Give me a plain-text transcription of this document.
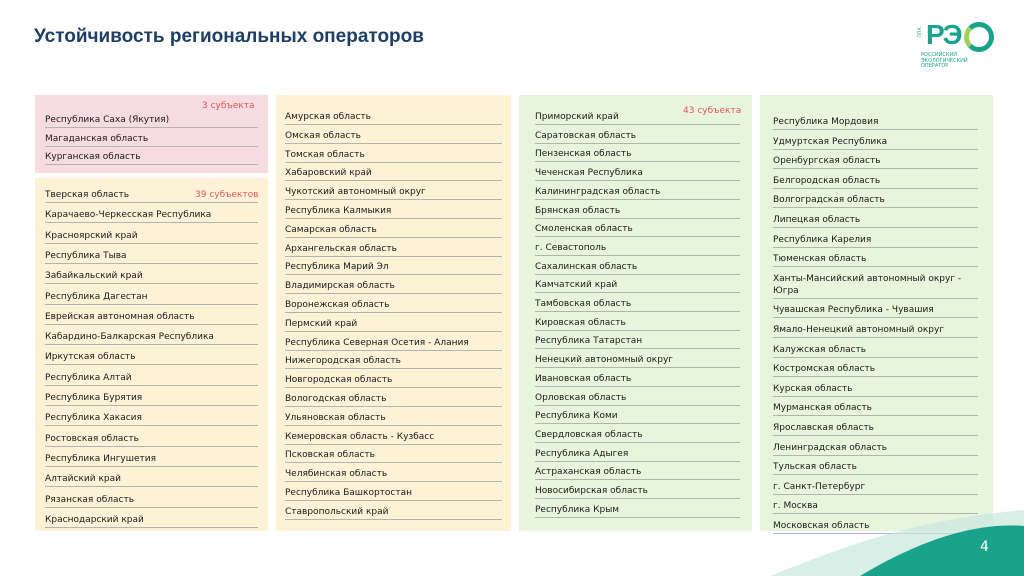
Устойчивость региональных операторов	ППК РЭ
РОССИЙСКИЙ
ЭКОЛОГИЧЕСКИЙ
ОПЕРАТОР
3 субъекта
39 субъектов
43 субъекта
Республика Саха (Якутия)
Магаданская область
Курганская область
Тверская область
Карачаево-Черкесская Республика
Красноярский край
Республика Тыва
Забайкальский край
Республика Дагестан
Еврейская автономная область
Кабардино-Балкарская Республика
Иркутская область
Республика Алтай
Республика Бурятия
Республика Хакасия
Ростовская область
Республика Ингушетия
Алтайский край
Рязанская область
Краснодарский край
Амурская область
Омская область
Томская область
Хабаровский край
Чукотский автономный округ
Республика Калмыкия
Самарская область
Архангельская область
Республика Марий Эл
Владимирская область
Воронежская область
Пермский край
Республика Северная Осетия - Алания
Нижегородская область
Новгородская область
Вологодская область
Ульяновская область
Кемеровская область - Кузбасс
Псковская область
Челябинская область
Республика Башкортостан
Ставропольский край
Приморский край
Саратовская область
Пензенская область
Чеченская Республика
Калининградская область
Брянская область
Смоленская область
г. Севастополь
Сахалинская область
Камчатский край
Тамбовская область
Кировская область
Республика Татарстан
Ненецкий автономный округ
Ивановская область
Орловская область
Республика Коми
Свердловская область
Республика Адыгея
Астраханская область
Новосибирская область
Республика Крым
Республика Мордовия
Удмуртская Республика
Оренбургская область
Белгородская область
Волгоградская область
Липецкая область
Республика Карелия
Тюменская область
Ханты-Мансийский автономный округ - Югра
Чувашская Республика - Чувашия
Ямало-Ненецкий автономный округ
Калужская область
Костромская область
Курская область
Мурманская область
Ярославская область
Ленинградская область
Тульская область
г. Санкт-Петербург
г. Москва
Московская область
4
